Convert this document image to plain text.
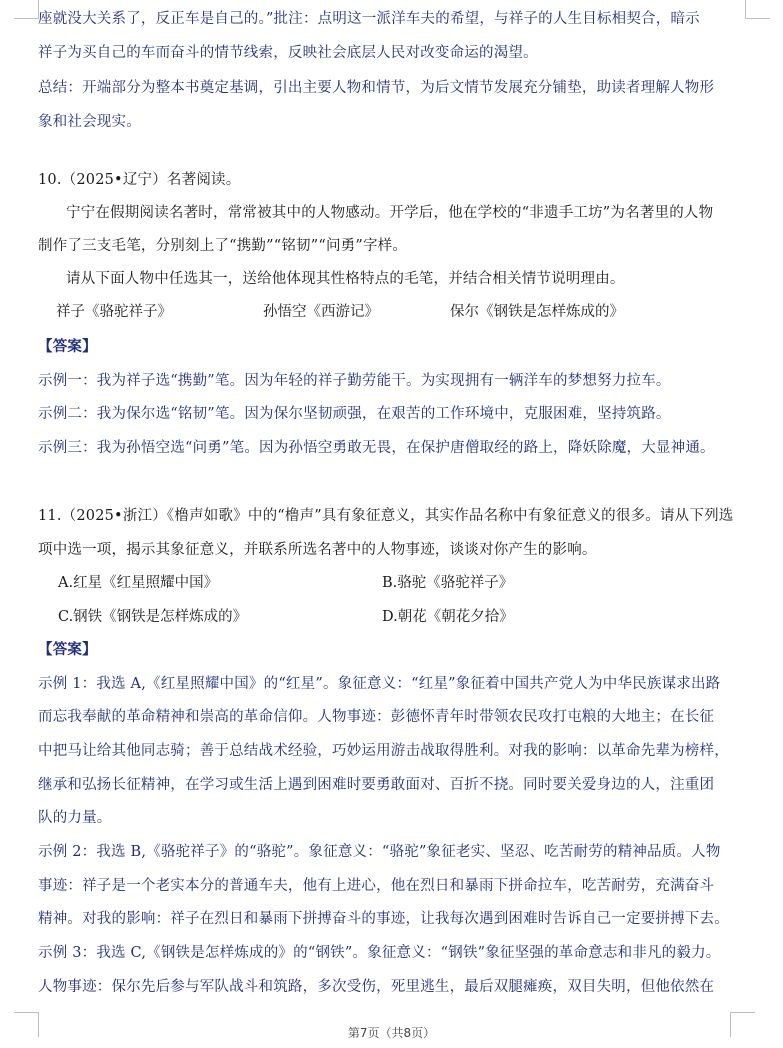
座就没大关系了，反正车是自己的。”批注：点明这一派洋车夫的希望，与祥子的人生目标相契合，暗示
祥子为买自己的车而奋斗的情节线索，反映社会底层人民对改变命运的渴望。
总结：开端部分为整本书奠定基调，引出主要人物和情节，为后文情节发展充分铺垫，助读者理解人物形
象和社会现实。
10.（2025•辽宁）名著阅读。
宁宁在假期阅读名著时，常常被其中的人物感动。开学后，他在学校的“非遗手工坊”为名著里的人物
制作了三支毛笔，分别刻上了“携勤”“铭韧”“问勇”字样。
请从下面人物中任选其一，送给他体现其性格特点的毛笔，并结合相关情节说明理由。
祥子《骆驼祥子》	孙悟空《西游记》	保尔《钢铁是怎样炼成的》
【答案】
示例一：我为祥子选“携勤”笔。因为年轻的祥子勤劳能干。为实现拥有一辆洋车的梦想努力拉车。
示例二：我为保尔选“铭韧”笔。因为保尔坚韧顽强，在艰苦的工作环境中，克服困难，坚持筑路。
示例三：我为孙悟空选“问勇”笔。因为孙悟空勇敢无畏，在保护唐僧取经的路上，降妖除魔，大显神通。
11.（2025•浙江）《橹声如歌》中的“橹声”具有象征意义，其实作品名称中有象征意义的很多。请从下列选
项中选一项，揭示其象征意义，并联系所选名著中的人物事迹，谈谈对你产生的影响。
A.红星《红星照耀中国》	B.骆驼《骆驼祥子》
C.钢铁《钢铁是怎样炼成的》	D.朝花《朝花夕拾》
【答案】
示例 1：我选 A,《红星照耀中国》的“红星”。象征意义：“红星”象征着中国共产党人为中华民族谋求出路
而忘我奉献的革命精神和崇高的革命信仰。人物事迹：彭德怀青年时带领农民攻打屯粮的大地主；在长征
中把马让给其他同志骑；善于总结战术经验，巧妙运用游击战取得胜利。对我的影响：以革命先辈为榜样，
继承和弘扬长征精神，在学习或生活上遇到困难时要勇敢面对、百折不挠。同时要关爱身边的人，注重团
队的力量。
示例 2：我选 B,《骆驼祥子》的“骆驼”。象征意义：“骆驼”象征老实、坚忍、吃苦耐劳的精神品质。人物
事迹：祥子是一个老实本分的普通车夫，他有上进心，他在烈日和暴雨下拼命拉车，吃苦耐劳，充满奋斗
精神。对我的影响：祥子在烈日和暴雨下拼搏奋斗的事迹，让我每次遇到困难时告诉自己一定要拼搏下去。
示例 3：我选 C,《钢铁是怎样炼成的》的“钢铁”。象征意义：“钢铁”象征坚强的革命意志和非凡的毅力。
人物事迹：保尔先后参与军队战斗和筑路，多次受伤，死里逃生，最后双腿瘫痪，双目失明，但他依然在
第7页（共8页）
